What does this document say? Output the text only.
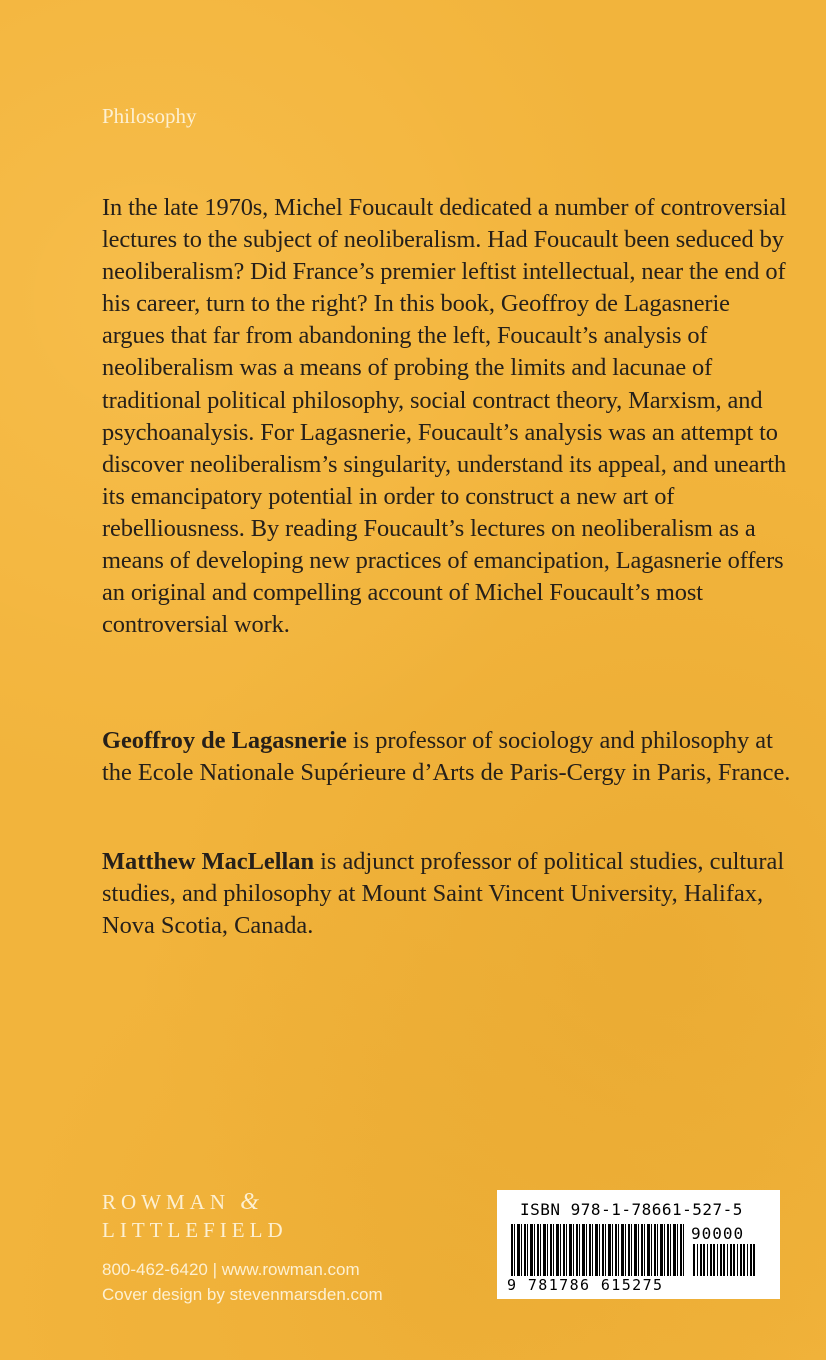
Philosophy

In the late 1970s, Michel Foucault dedicated a number of controversial lectures to the subject of neoliberalism. Had Foucault been seduced by neoliberalism? Did France’s premier leftist intellectual, near the end of his career, turn to the right? In this book, Geoffroy de Lagasnerie argues that far from abandoning the left, Foucault’s analysis of neoliberalism was a means of probing the limits and lacunae of traditional political philosophy, social contract theory, Marxism, and psychoanalysis. For Lagasnerie, Foucault’s analysis was an attempt to discover neoliberalism’s singularity, understand its appeal, and unearth its emancipatory potential in order to construct a new art of rebelliousness. By reading Foucault’s lectures on neoliberalism as a means of developing new practices of emancipation, Lagasnerie offers an original and compelling account of Michel Foucault’s most controversial work.

Geoffroy de Lagasnerie is professor of sociology and philosophy at the Ecole Nationale Supérieure d’Arts de Paris-Cergy in Paris, France.

Matthew MacLellan is adjunct professor of political studies, cultural studies, and philosophy at Mount Saint Vincent University, Halifax, Nova Scotia, Canada.

ROWMAN &
LITTLEFIELD
800-462-6420 | www.rowman.com
Cover design by stevenmarsden.com
ISBN 978-1-78661-527-5
90000
9 781786 615275
